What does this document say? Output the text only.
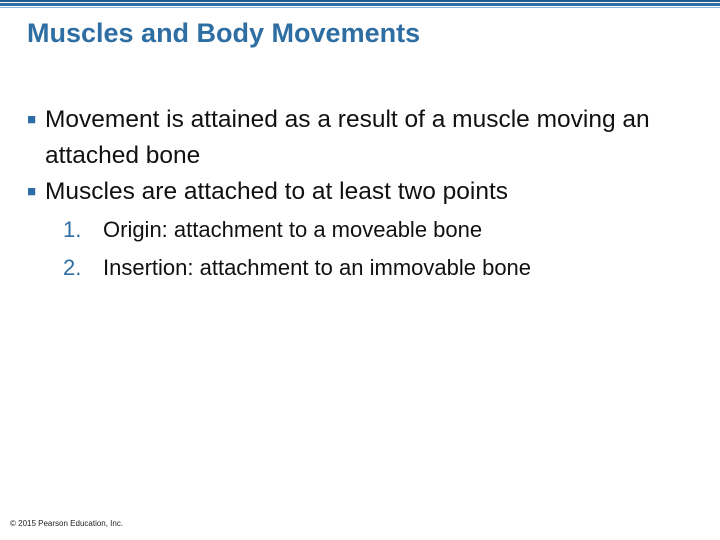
Muscles and Body Movements
■ Movement is attained as a result of a muscle moving an attached bone
■ Muscles are attached to at least two points
1. Origin: attachment to a moveable bone
2. Insertion: attachment to an immovable bone
© 2015 Pearson Education, Inc.
